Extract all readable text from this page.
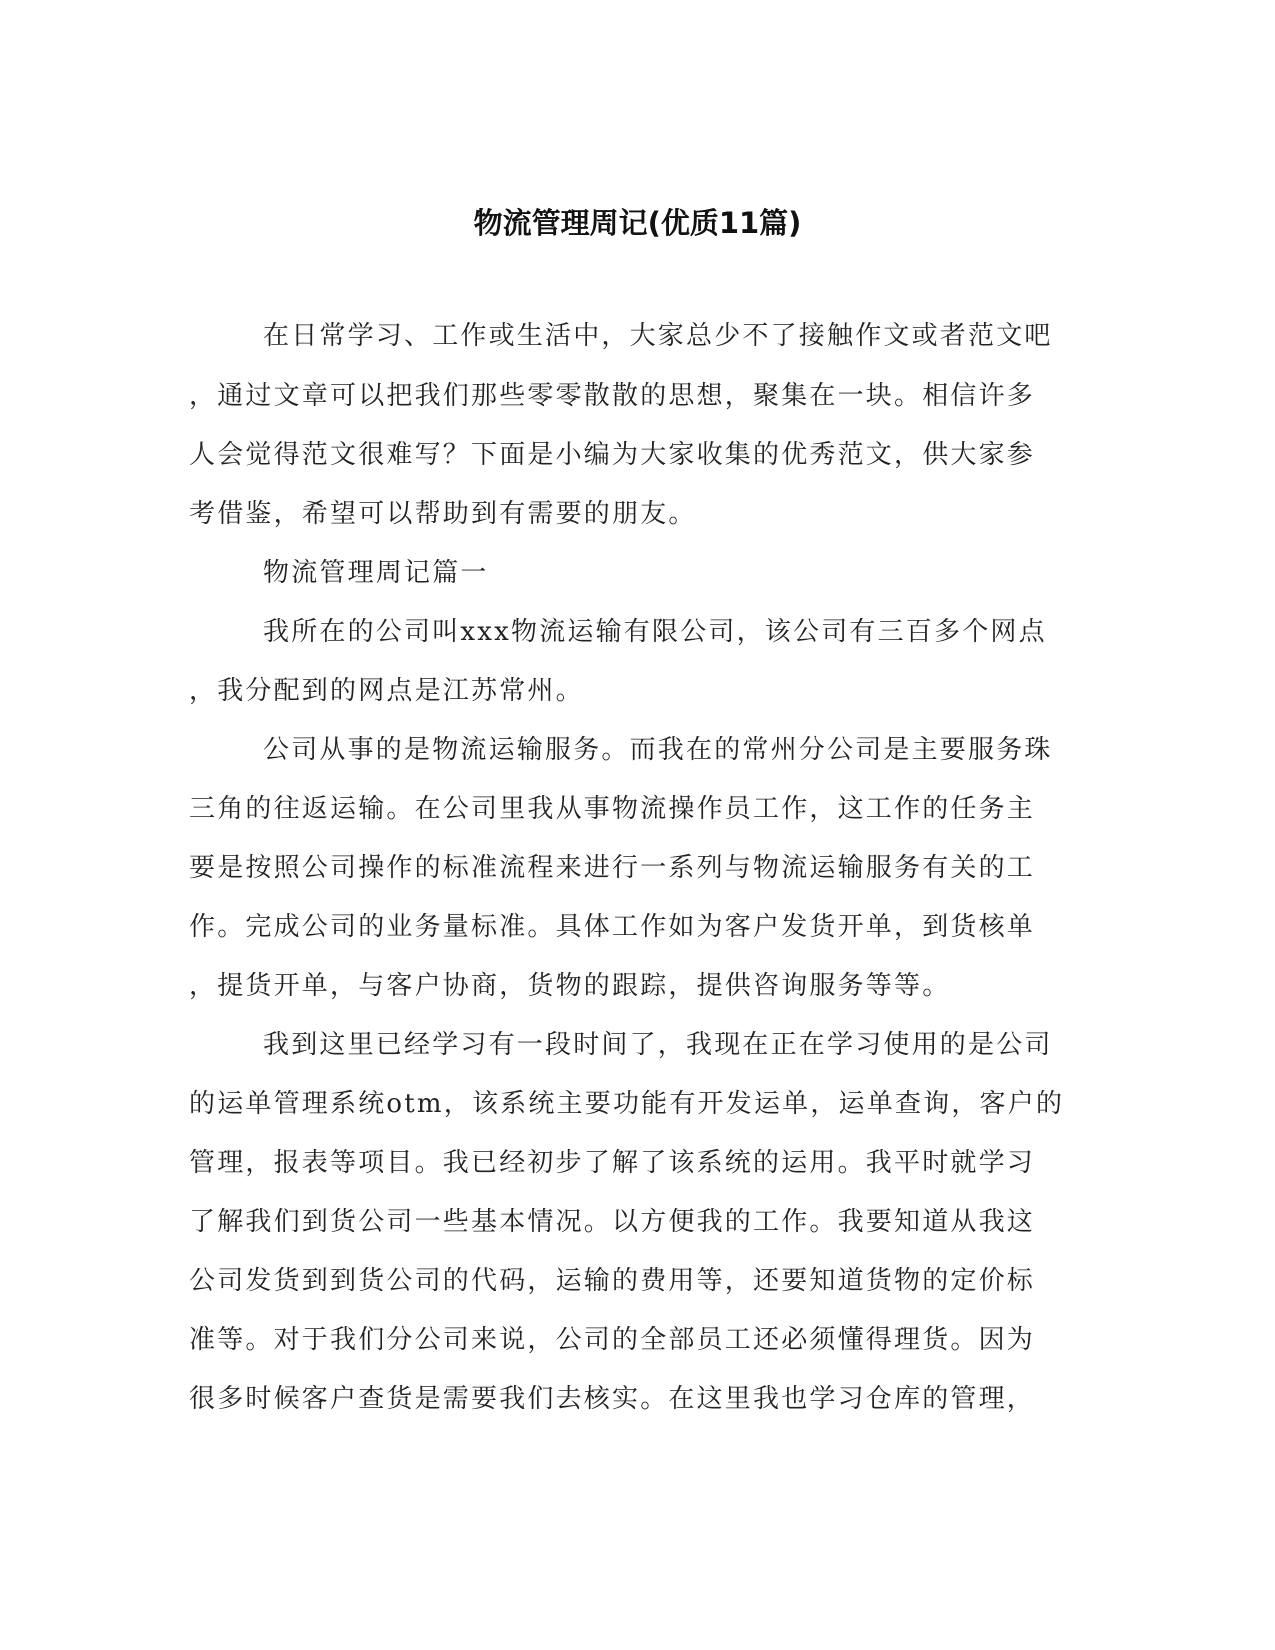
物流管理周记(优质11篇)

在日常学习、工作或生活中，大家总少不了接触作文或者范文吧

，通过文章可以把我们那些零零散散的思想，聚集在一块。相信许多

人会觉得范文很难写？下面是小编为大家收集的优秀范文，供大家参

考借鉴，希望可以帮助到有需要的朋友。

物流管理周记篇一

我所在的公司叫xxx物流运输有限公司，该公司有三百多个网点

，我分配到的网点是江苏常州。

公司从事的是物流运输服务。而我在的常州分公司是主要服务珠

三角的往返运输。在公司里我从事物流操作员工作，这工作的任务主

要是按照公司操作的标准流程来进行一系列与物流运输服务有关的工

作。完成公司的业务量标准。具体工作如为客户发货开单，到货核单

，提货开单，与客户协商，货物的跟踪，提供咨询服务等等。

我到这里已经学习有一段时间了，我现在正在学习使用的是公司

的运单管理系统otm，该系统主要功能有开发运单，运单查询，客户的

管理，报表等项目。我已经初步了解了该系统的运用。我平时就学习

了解我们到货公司一些基本情况。以方便我的工作。我要知道从我这

公司发货到到货公司的代码，运输的费用等，还要知道货物的定价标

准等。对于我们分公司来说，公司的全部员工还必须懂得理货。因为

很多时候客户查货是需要我们去核实。在这里我也学习仓库的管理，
